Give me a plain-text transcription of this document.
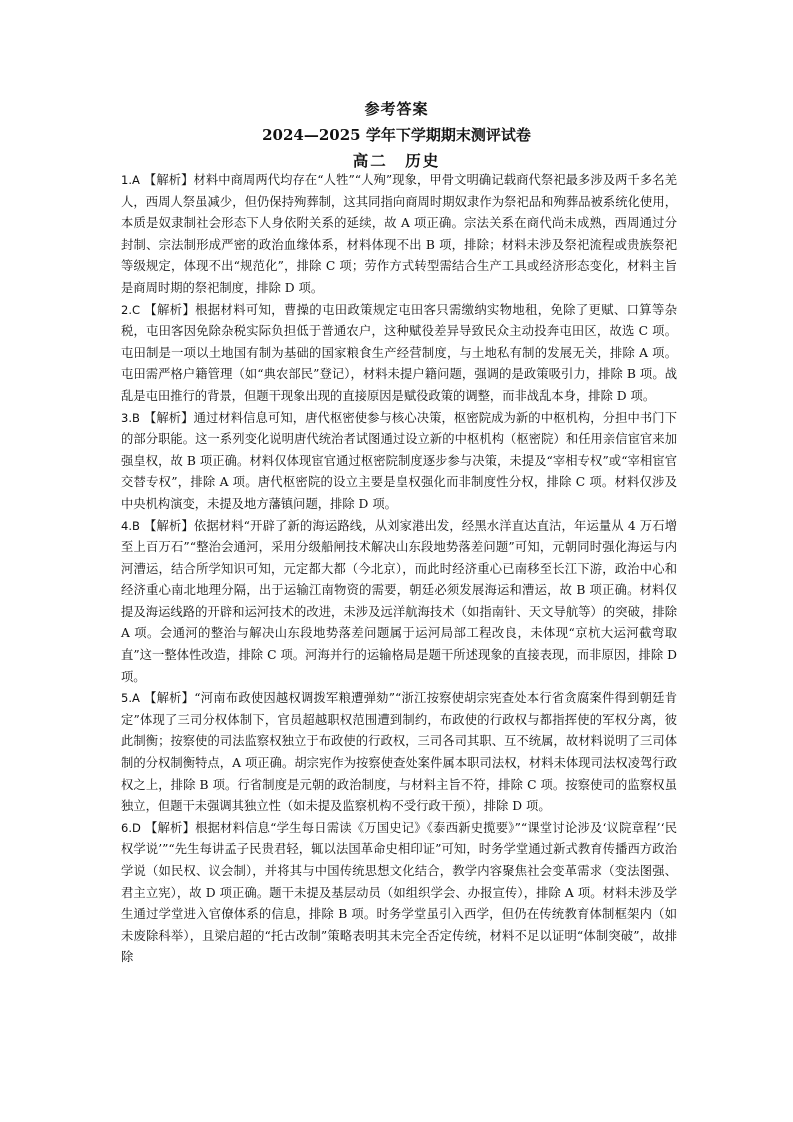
参考答案
2024—2025 学年下学期期末测评试卷
高二　历史

1.A 【解析】材料中商周两代均存在“人牲”“人殉”现象，甲骨文明确记载商代祭祀最多涉及两千多名羌人，西周人祭虽减少，但仍保持殉葬制，这其同指向商周时期奴隶作为祭祀品和殉葬品被系统化使用，本质是奴隶制社会形态下人身依附关系的延续，故 A 项正确。宗法关系在商代尚未成熟，西周通过分封制、宗法制形成严密的政治血缘体系，材料体现不出 B 项，排除；材料未涉及祭祀流程或贵族祭祀等级规定，体现不出“规范化”，排除 C 项；劳作方式转型需结合生产工具或经济形态变化，材料主旨是商周时期的祭祀制度，排除 D 项。

2.C 【解析】根据材料可知，曹操的屯田政策规定屯田客只需缴纳实物地租，免除了更赋、口算等杂税，屯田客因免除杂税实际负担低于普通农户，这种赋役差异导致民众主动投奔屯田区，故选 C 项。屯田制是一项以土地国有制为基础的国家粮食生产经营制度，与土地私有制的发展无关，排除 A 项。屯田需严格户籍管理（如“典农部民”登记），材料未提户籍问题，强调的是政策吸引力，排除 B 项。战乱是屯田推行的背景，但题干现象出现的直接原因是赋役政策的调整，而非战乱本身，排除 D 项。

3.B 【解析】通过材料信息可知，唐代枢密使参与核心决策，枢密院成为新的中枢机构，分担中书门下的部分职能。这一系列变化说明唐代统治者试图通过设立新的中枢机构（枢密院）和任用亲信宦官来加强皇权，故 B 项正确。材料仅体现宦官通过枢密院制度逐步参与决策，未提及“宰相专权”或“宰相宦官交替专权”，排除 A 项。唐代枢密院的设立主要是皇权强化而非制度性分权，排除 C 项。材料仅涉及中央机构演变，未提及地方藩镇问题，排除 D 项。

4.B 【解析】依据材料“开辟了新的海运路线，从刘家港出发，经黑水洋直达直沽，年运量从 4 万石增至上百万石”“整治会通河，采用分级船闸技术解决山东段地势落差问题”可知，元朝同时强化海运与内河漕运，结合所学知识可知，元定都大都（今北京），而此时经济重心已南移至长江下游，政治中心和经济重心南北地理分隔，出于运输江南物资的需要，朝廷必须发展海运和漕运，故 B 项正确。材料仅提及海运线路的开辟和运河技术的改进，未涉及远洋航海技术（如指南针、天文导航等）的突破，排除 A 项。会通河的整治与解决山东段地势落差问题属于运河局部工程改良，未体现“京杭大运河截弯取直”这一整体性改造，排除 C 项。河海并行的运输格局是题干所述现象的直接表现，而非原因，排除 D 项。

5.A 【解析】“河南布政使因越权调拨军粮遭弹劾”“浙江按察使胡宗宪查处本行省贪腐案件得到朝廷肯定”体现了三司分权体制下，官员超越职权范围遭到制约，布政使的行政权与都指挥使的军权分离，彼此制衡；按察使的司法监察权独立于布政使的行政权，三司各司其职、互不统属，故材料说明了三司体制的分权制衡特点，A 项正确。胡宗宪作为按察使查处案件属本职司法权，材料未体现司法权凌驾行政权之上，排除 B 项。行省制度是元朝的政治制度，与材料主旨不符，排除 C 项。按察使司的监察权虽独立，但题干未强调其独立性（如未提及监察机构不受行政干预），排除 D 项。

6.D 【解析】根据材料信息“学生每日需读《万国史记》《泰西新史揽要》”“课堂讨论涉及‘议院章程’‘民权学说’”“先生每讲孟子民贵君轻，辄以法国革命史相印证”可知，时务学堂通过新式教育传播西方政治学说（如民权、议会制），并将其与中国传统思想文化结合，教学内容聚焦社会变革需求（变法图强、君主立宪），故 D 项正确。题干未提及基层动员（如组织学会、办报宣传），排除 A 项。材料未涉及学生通过学堂进入官僚体系的信息，排除 B 项。时务学堂虽引入西学，但仍在传统教育体制框架内（如未废除科举），且梁启超的“托古改制”策略表明其未完全否定传统，材料不足以证明“体制突破”，故排除
